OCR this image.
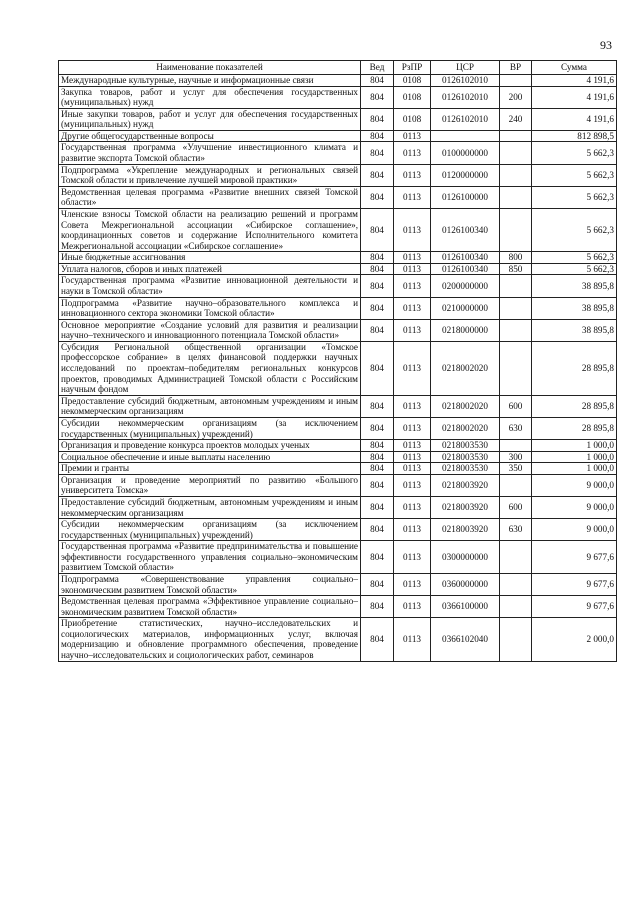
93
Наименование показателей	Вед	РзПР	ЦСР	ВР	Сумма
Международные культурные, научные и информационные связи	804	0108	0126102010		4 191,6
Закупка товаров, работ и услуг для обеспечения государственных (муниципальных) нужд	804	0108	0126102010	200	4 191,6
Иные закупки товаров, работ и услуг для обеспечения государственных (муниципальных) нужд	804	0108	0126102010	240	4 191,6
Другие общегосударственные вопросы	804	0113			812 898,5
Государственная программа «Улучшение инвестиционного климата и развитие экспорта Томской области»	804	0113	0100000000		5 662,3
Подпрограмма «Укрепление международных и региональных связей Томской области и привлечение лучшей мировой практики»	804	0113	0120000000		5 662,3
Ведомственная целевая программа «Развитие внешних связей Томской области»	804	0113	0126100000		5 662,3
Членские взносы Томской области на реализацию решений и программ Совета Межрегиональной ассоциации «Сибирское соглашение», координационных советов и содержание Исполнительного комитета Межрегиональной ассоциации «Сибирское соглашение»	804	0113	0126100340		5 662,3
Иные бюджетные ассигнования	804	0113	0126100340	800	5 662,3
Уплата налогов, сборов и иных платежей	804	0113	0126100340	850	5 662,3
Государственная программа «Развитие инновационной деятельности и науки в Томской области»	804	0113	0200000000		38 895,8
Подпрограмма «Развитие научно–образовательного комплекса и инновационного сектора экономики Томской области»	804	0113	0210000000		38 895,8
Основное мероприятие «Создание условий для развития и реализации научно–технического и инновационного потенциала Томской области»	804	0113	0218000000		38 895,8
Субсидия Региональной общественной организации «Томское профессорское собрание» в целях финансовой поддержки научных исследований по проектам–победителям региональных конкурсов проектов, проводимых Администрацией Томской области с Российским научным фондом	804	0113	0218002020		28 895,8
Предоставление субсидий бюджетным, автономным учреждениям и иным некоммерческим организациям	804	0113	0218002020	600	28 895,8
Субсидии некоммерческим организациям (за исключением государственных (муниципальных) учреждений)	804	0113	0218002020	630	28 895,8
Организация и проведение конкурса проектов молодых ученых	804	0113	0218003530		1 000,0
Социальное обеспечение и иные выплаты населению	804	0113	0218003530	300	1 000,0
Премии и гранты	804	0113	0218003530	350	1 000,0
Организация и проведение мероприятий по развитию «Большого университета Томска»	804	0113	0218003920		9 000,0
Предоставление субсидий бюджетным, автономным учреждениям и иным некоммерческим организациям	804	0113	0218003920	600	9 000,0
Субсидии некоммерческим организациям (за исключением государственных (муниципальных) учреждений)	804	0113	0218003920	630	9 000,0
Государственная программа «Развитие предпринимательства и повышение эффективности государственного управления социально–экономическим развитием Томской области»	804	0113	0300000000		9 677,6
Подпрограмма «Совершенствование управления социально–экономическим развитием Томской области»	804	0113	0360000000		9 677,6
Ведомственная целевая программа «Эффективное управление социально–экономическим развитием Томской области»	804	0113	0366100000		9 677,6
Приобретение статистических, научно–исследовательских и социологических материалов, информационных услуг, включая модернизацию и обновление программного обеспечения, проведение научно–исследовательских и социологических работ, семинаров	804	0113	0366102040		2 000,0
